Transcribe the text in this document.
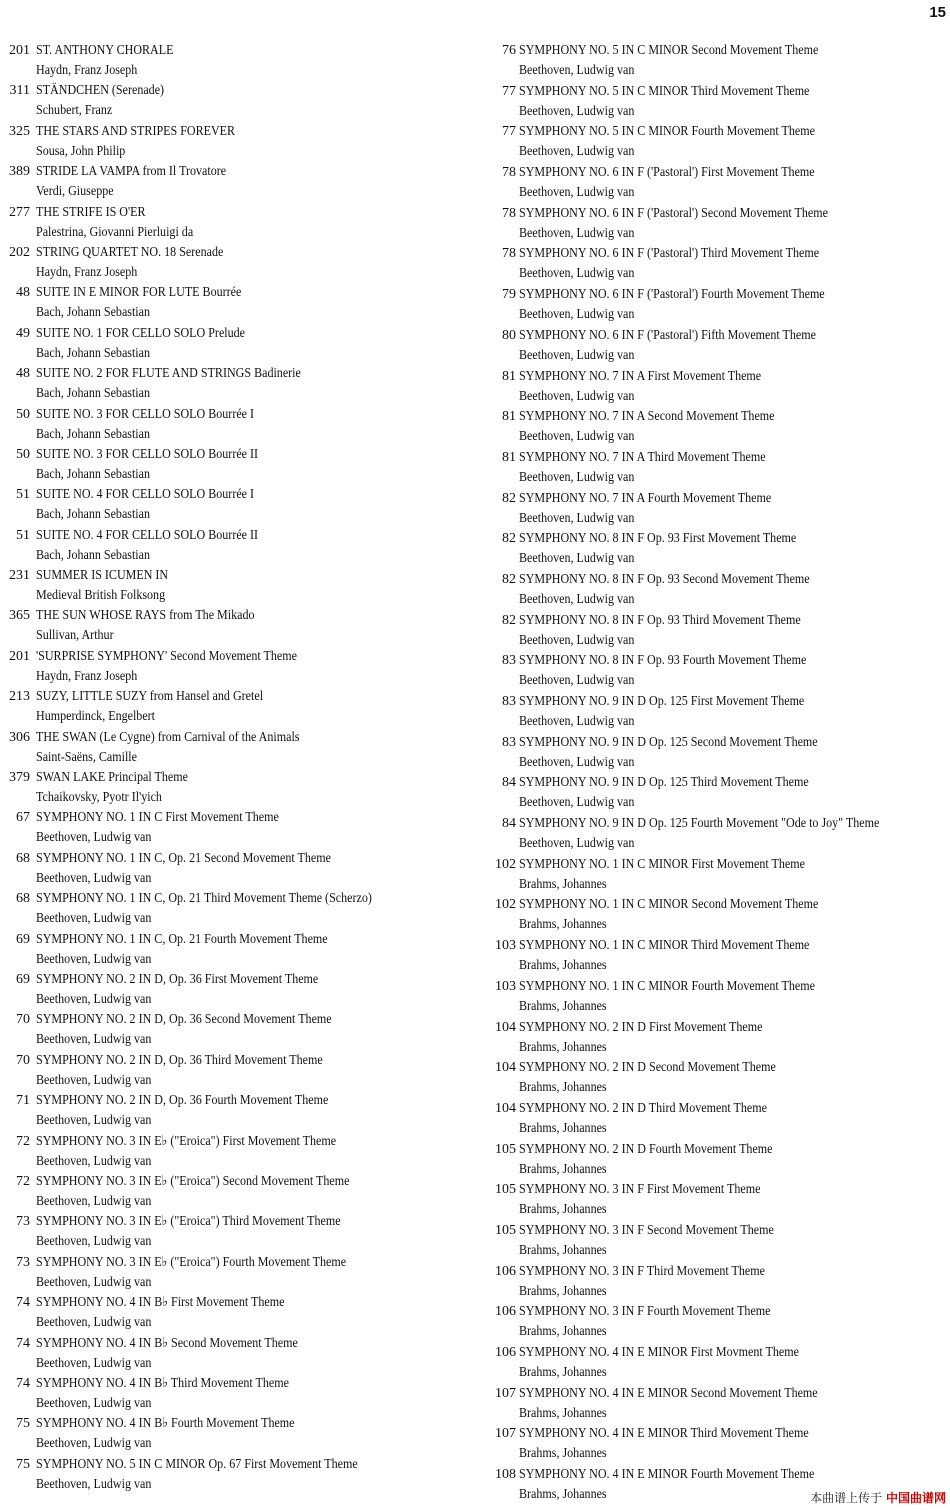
15
201 ST. ANTHONY CHORALE
Haydn, Franz Joseph
311 STÄNDCHEN (Serenade)
Schubert, Franz
325 THE STARS AND STRIPES FOREVER
Sousa, John Philip
389 STRIDE LA VAMPA from Il Trovatore
Verdi, Giuseppe
277 THE STRIFE IS O'ER
Palestrina, Giovanni Pierluigi da
202 STRING QUARTET NO. 18 Serenade
Haydn, Franz Joseph
48 SUITE IN E MINOR FOR LUTE Bourrée
Bach, Johann Sebastian
49 SUITE NO. 1 FOR CELLO SOLO Prelude
Bach, Johann Sebastian
48 SUITE NO. 2 FOR FLUTE AND STRINGS Badinerie
Bach, Johann Sebastian
50 SUITE NO. 3 FOR CELLO SOLO Bourrée I
Bach, Johann Sebastian
50 SUITE NO. 3 FOR CELLO SOLO Bourrée II
Bach, Johann Sebastian
51 SUITE NO. 4 FOR CELLO SOLO Bourrée I
Bach, Johann Sebastian
51 SUITE NO. 4 FOR CELLO SOLO Bourrée II
Bach, Johann Sebastian
231 SUMMER IS ICUMEN IN
Medieval British Folksong
365 THE SUN WHOSE RAYS from The Mikado
Sullivan, Arthur
201 'SURPRISE SYMPHONY' Second Movement Theme
Haydn, Franz Joseph
213 SUZY, LITTLE SUZY from Hansel and Gretel
Humperdinck, Engelbert
306 THE SWAN (Le Cygne) from Carnival of the Animals
Saint-Saëns, Camille
379 SWAN LAKE Principal Theme
Tchaikovsky, Pyotr Il'yich
67 SYMPHONY NO. 1 IN C First Movement Theme
Beethoven, Ludwig van
68 SYMPHONY NO. 1 IN C, Op. 21 Second Movement Theme
Beethoven, Ludwig van
68 SYMPHONY NO. 1 IN C, Op. 21 Third Movement Theme (Scherzo)
Beethoven, Ludwig van
69 SYMPHONY NO. 1 IN C, Op. 21 Fourth Movement Theme
Beethoven, Ludwig van
69 SYMPHONY NO. 2 IN D, Op. 36 First Movement Theme
Beethoven, Ludwig van
70 SYMPHONY NO. 2 IN D, Op. 36 Second Movement Theme
Beethoven, Ludwig van
70 SYMPHONY NO. 2 IN D, Op. 36 Third Movement Theme
Beethoven, Ludwig van
71 SYMPHONY NO. 2 IN D, Op. 36 Fourth Movement Theme
Beethoven, Ludwig van
72 SYMPHONY NO. 3 IN E♭ ("Eroica") First Movement Theme
Beethoven, Ludwig van
72 SYMPHONY NO. 3 IN E♭ ("Eroica") Second Movement Theme
Beethoven, Ludwig van
73 SYMPHONY NO. 3 IN E♭ ("Eroica") Third Movement Theme
Beethoven, Ludwig van
73 SYMPHONY NO. 3 IN E♭ ("Eroica") Fourth Movement Theme
Beethoven, Ludwig van
74 SYMPHONY NO. 4 IN B♭ First Movement Theme
Beethoven, Ludwig van
74 SYMPHONY NO. 4 IN B♭ Second Movement Theme
Beethoven, Ludwig van
74 SYMPHONY NO. 4 IN B♭ Third Movement Theme
Beethoven, Ludwig van
75 SYMPHONY NO. 4 IN B♭ Fourth Movement Theme
Beethoven, Ludwig van
75 SYMPHONY NO. 5 IN C MINOR Op. 67 First Movement Theme
Beethoven, Ludwig van
76 SYMPHONY NO. 5 IN C MINOR Second Movement Theme
Beethoven, Ludwig van
77 SYMPHONY NO. 5 IN C MINOR Third Movement Theme
Beethoven, Ludwig van
77 SYMPHONY NO. 5 IN C MINOR Fourth Movement Theme
Beethoven, Ludwig van
78 SYMPHONY NO. 6 IN F ('Pastoral') First Movement Theme
Beethoven, Ludwig van
78 SYMPHONY NO. 6 IN F ('Pastoral') Second Movement Theme
Beethoven, Ludwig van
78 SYMPHONY NO. 6 IN F ('Pastoral') Third Movement Theme
Beethoven, Ludwig van
79 SYMPHONY NO. 6 IN F ('Pastoral') Fourth Movement Theme
Beethoven, Ludwig van
80 SYMPHONY NO. 6 IN F ('Pastoral') Fifth Movement Theme
Beethoven, Ludwig van
81 SYMPHONY NO. 7 IN A First Movement Theme
Beethoven, Ludwig van
81 SYMPHONY NO. 7 IN A Second Movement Theme
Beethoven, Ludwig van
81 SYMPHONY NO. 7 IN A Third Movement Theme
Beethoven, Ludwig van
82 SYMPHONY NO. 7 IN A Fourth Movement Theme
Beethoven, Ludwig van
82 SYMPHONY NO. 8 IN F Op. 93 First Movement Theme
Beethoven, Ludwig van
82 SYMPHONY NO. 8 IN F Op. 93 Second Movement Theme
Beethoven, Ludwig van
82 SYMPHONY NO. 8 IN F Op. 93 Third Movement Theme
Beethoven, Ludwig van
83 SYMPHONY NO. 8 IN F Op. 93 Fourth Movement Theme
Beethoven, Ludwig van
83 SYMPHONY NO. 9 IN D Op. 125 First Movement Theme
Beethoven, Ludwig van
83 SYMPHONY NO. 9 IN D Op. 125 Second Movement Theme
Beethoven, Ludwig van
84 SYMPHONY NO. 9 IN D Op. 125 Third Movement Theme
Beethoven, Ludwig van
84 SYMPHONY NO. 9 IN D Op. 125 Fourth Movement "Ode to Joy" Theme
Beethoven, Ludwig van
102 SYMPHONY NO. 1 IN C MINOR First Movement Theme
Brahms, Johannes
102 SYMPHONY NO. 1 IN C MINOR Second Movement Theme
Brahms, Johannes
103 SYMPHONY NO. 1 IN C MINOR Third Movement Theme
Brahms, Johannes
103 SYMPHONY NO. 1 IN C MINOR Fourth Movement Theme
Brahms, Johannes
104 SYMPHONY NO. 2 IN D First Movement Theme
Brahms, Johannes
104 SYMPHONY NO. 2 IN D Second Movement Theme
Brahms, Johannes
104 SYMPHONY NO. 2 IN D Third Movement Theme
Brahms, Johannes
105 SYMPHONY NO. 2 IN D Fourth Movement Theme
Brahms, Johannes
105 SYMPHONY NO. 3 IN F First Movement Theme
Brahms, Johannes
105 SYMPHONY NO. 3 IN F Second Movement Theme
Brahms, Johannes
106 SYMPHONY NO. 3 IN F Third Movement Theme
Brahms, Johannes
106 SYMPHONY NO. 3 IN F Fourth Movement Theme
Brahms, Johannes
106 SYMPHONY NO. 4 IN E MINOR First Movment Theme
Brahms, Johannes
107 SYMPHONY NO. 4 IN E MINOR Second Movement Theme
Brahms, Johannes
107 SYMPHONY NO. 4 IN E MINOR Third Movement Theme
Brahms, Johannes
108 SYMPHONY NO. 4 IN E MINOR Fourth Movement Theme
Brahms, Johannes	本曲谱上传于 中国曲谱网
